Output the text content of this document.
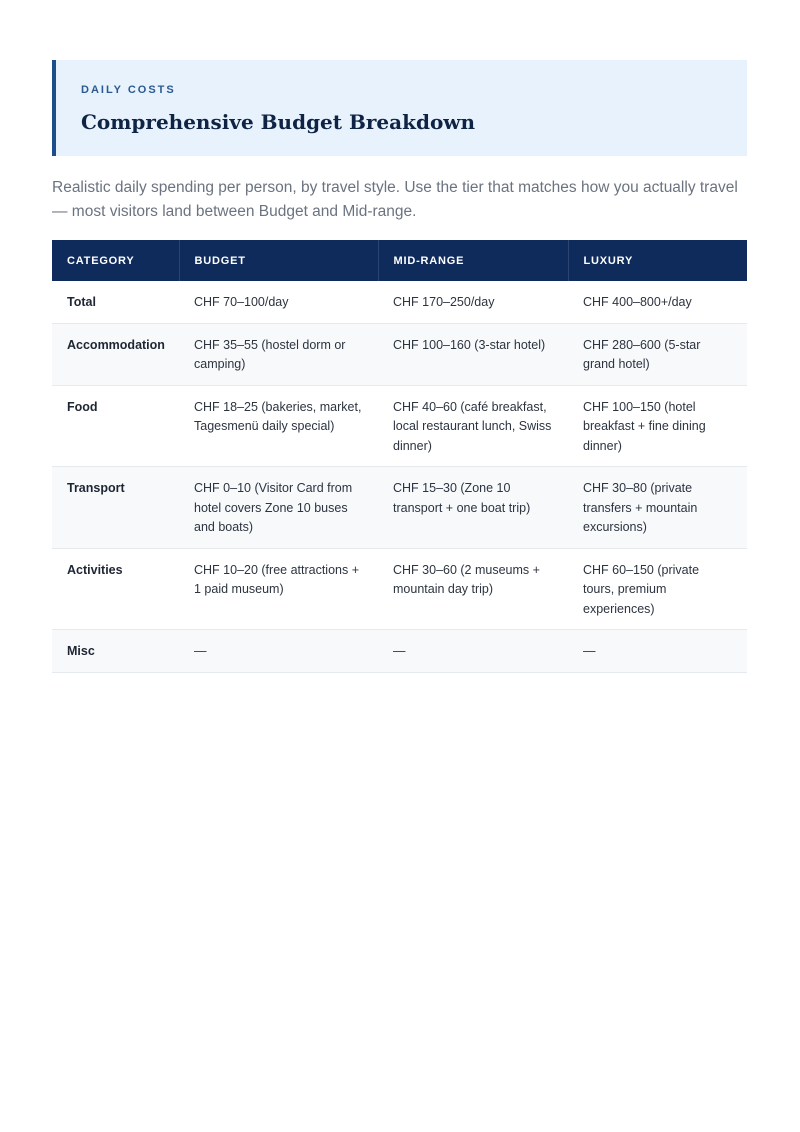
DAILY COSTS
Comprehensive Budget Breakdown
Realistic daily spending per person, by travel style. Use the tier that matches how you actually travel — most visitors land between Budget and Mid-range.
CATEGORY	BUDGET	MID-RANGE	LUXURY
Total	CHF 70–100/day	CHF 170–250/day	CHF 400–800+/day
Accommodation	CHF 35–55 (hostel dorm or camping)	CHF 100–160 (3-star hotel)	CHF 280–600 (5-star grand hotel)
Food	CHF 18–25 (bakeries, market, Tagesmenü daily special)	CHF 40–60 (café breakfast, local restaurant lunch, Swiss dinner)	CHF 100–150 (hotel breakfast + fine dining dinner)
Transport	CHF 0–10 (Visitor Card from hotel covers Zone 10 buses and boats)	CHF 15–30 (Zone 10 transport + one boat trip)	CHF 30–80 (private transfers + mountain excursions)
Activities	CHF 10–20 (free attractions + 1 paid museum)	CHF 30–60 (2 museums + mountain day trip)	CHF 60–150 (private tours, premium experiences)
Misc	—	—	—
